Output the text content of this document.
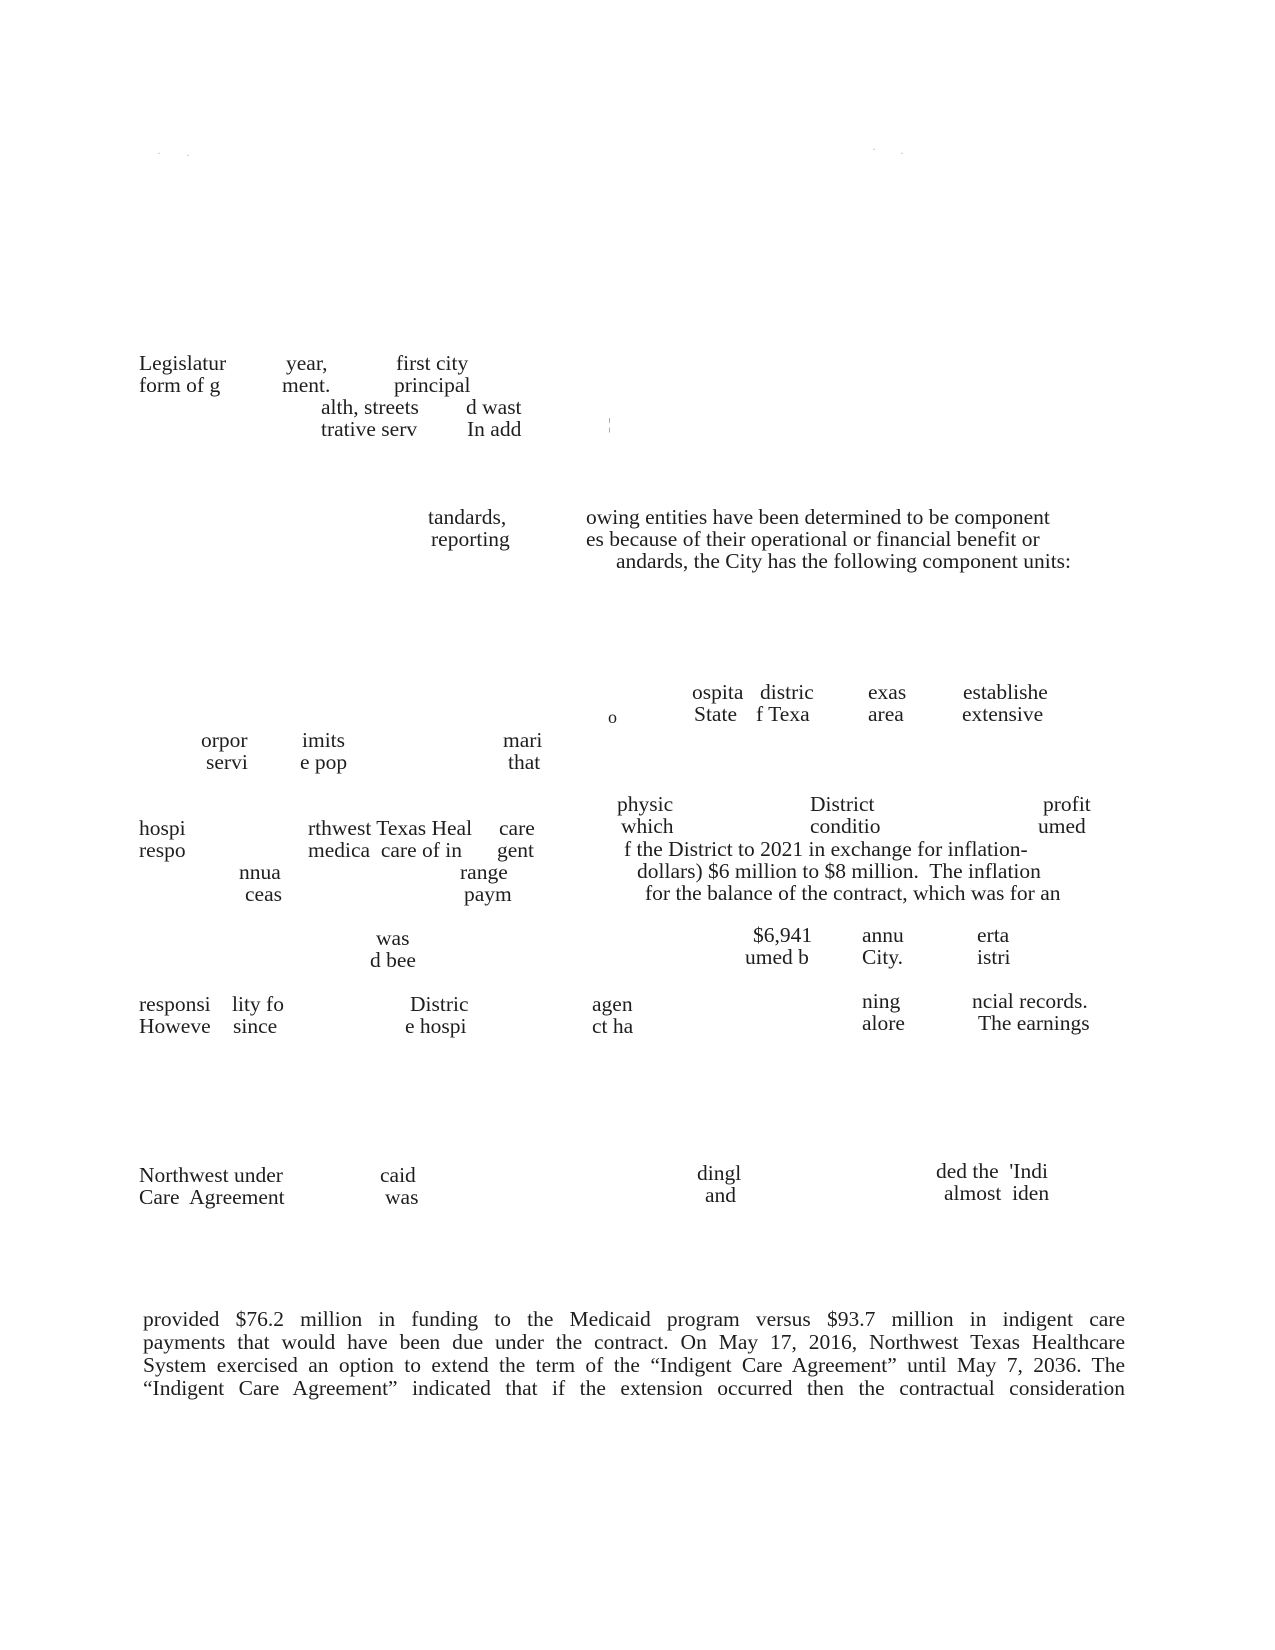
· ·	· ·
¦
Legislatur
form of g
year,
ment.
first city
principal
alth, streets
trative serv
d wast
In add
tandards,
reporting
owing entities have been determined to be component
es because of their operational or financial benefit or
andards, the City has the following component units:
o
ospita
State
distric
f Texa
exas
area
establishe
extensive
orpor
servi
imits
e pop
mari
that
physic
which
District
conditio
profit
umed
hospi
respo
rthwest Texas Heal care
medica  care of in gent
nnua
ceas
range
paym
f the District to 2021 in exchange for inflation-
dollars) $6 million to $8 million.  The inflation
for the balance of the contract, which was for an
was
d bee
$6,941
umed b
annu
City.
erta
istri
responsi
Howeve
lity fo
since
Distric
e hospi
agen
ct ha
ning
alore
ncial records.
The earnings
Northwest under
Care  Agreement
caid
was
dingl
and
ded the  'Indi
almost  iden
provided $76.2 million in funding to the Medicaid program versus $93.7 million in indigent care
payments that would have been due under the contract. On May 17, 2016, Northwest Texas Healthcare
System exercised an option to extend the term of the “Indigent Care Agreement” until May 7, 2036. The
“Indigent Care Agreement” indicated that if the extension occurred then the contractual consideration
